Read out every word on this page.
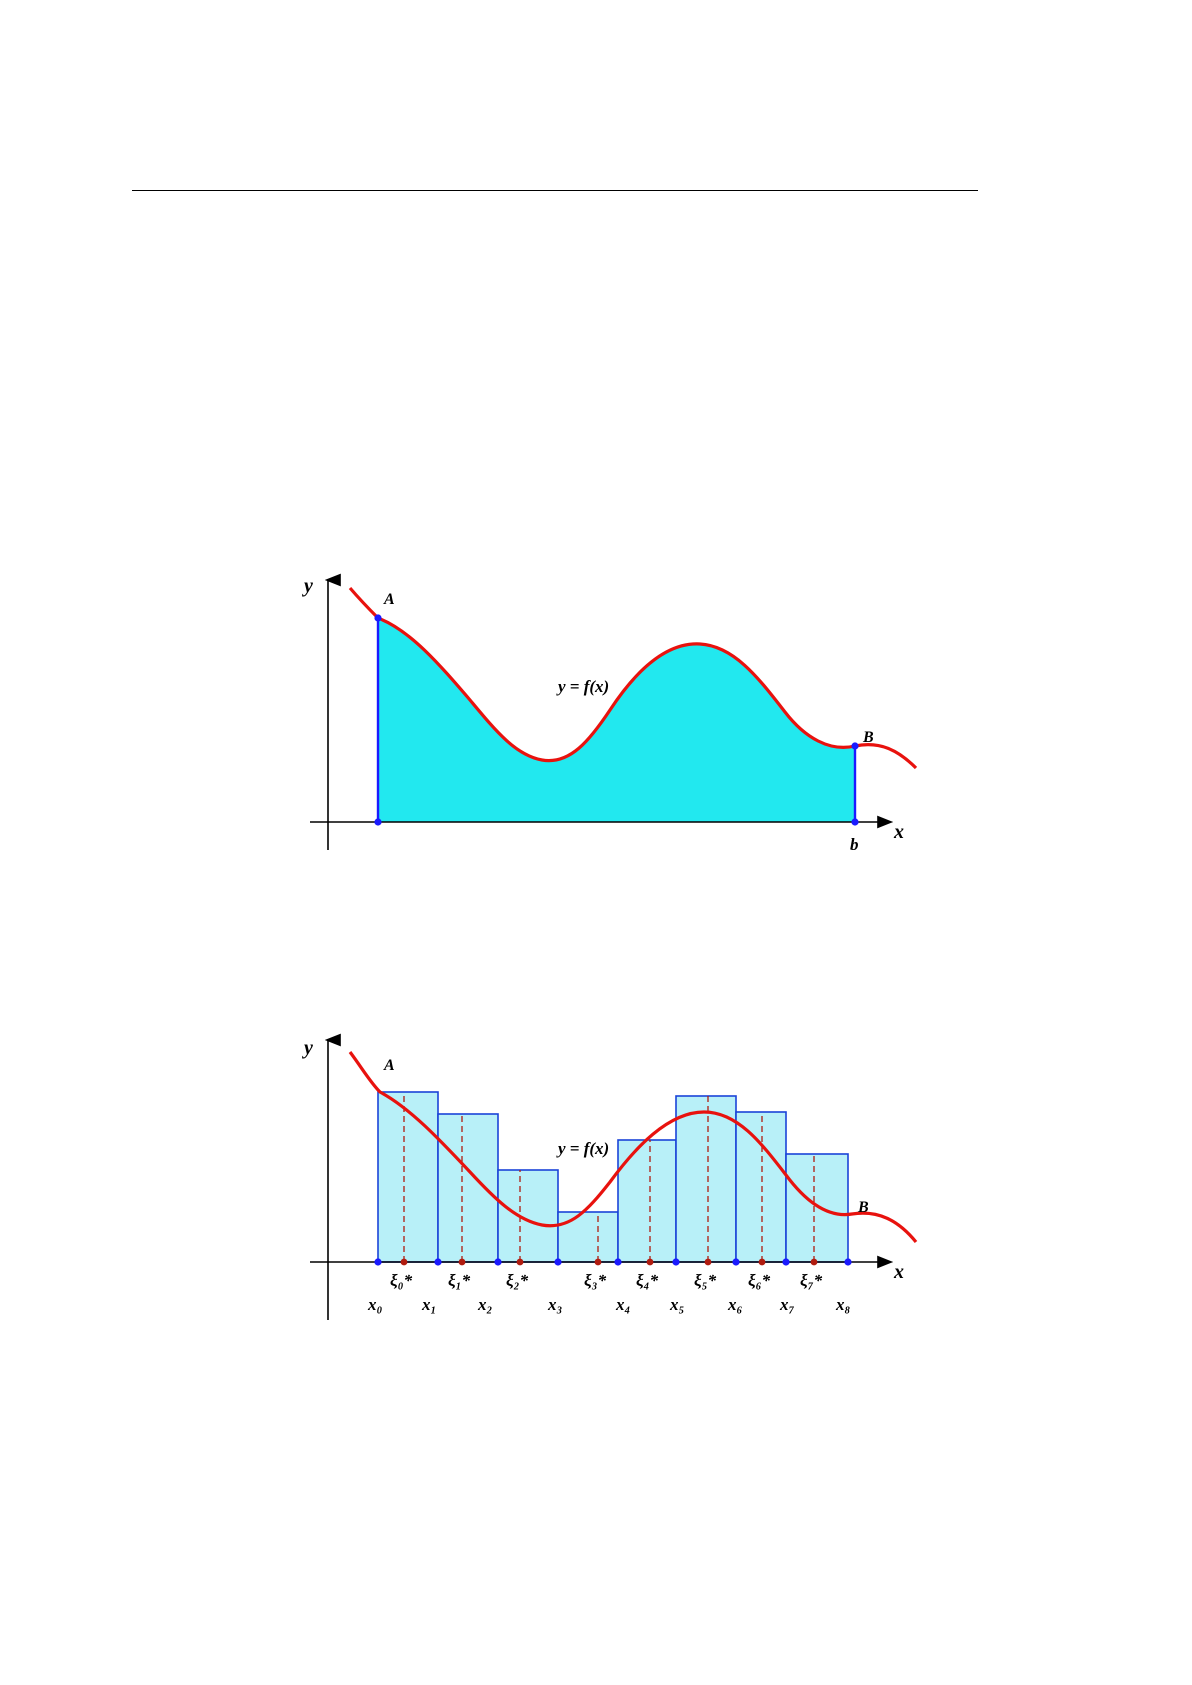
y
x
A
B
y = f(x)
b
y
x
A
B
y = f(x)
ξ₀* ξ₁* ξ₂*	ξ₃* ξ₄* ξ₅* ξ₆* ξ₇*
x₀ x₁ x₂	x₃	x₄ x₅	x₆ x₇ x₈
